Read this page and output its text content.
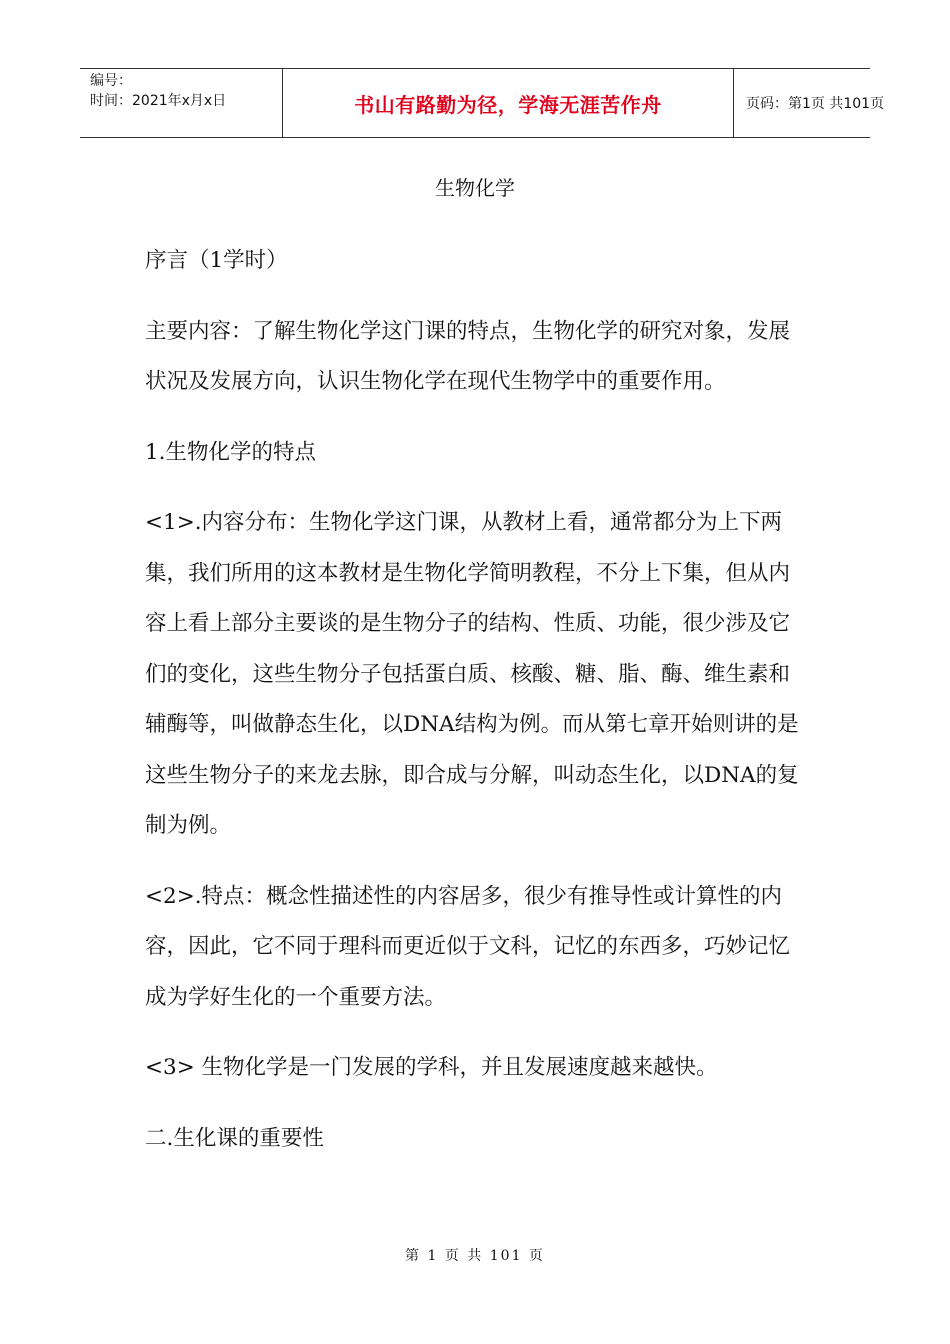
编号：
时间：2021年x月x日	书山有路勤为径，学海无涯苦作舟	页码：第1页 共101页
生物化学

序言（1学时）

主要内容：了解生物化学这门课的特点，生物化学的研究对象，发展状况及发展方向，认识生物化学在现代生物学中的重要作用。

1.生物化学的特点

<1>.内容分布：生物化学这门课，从教材上看，通常都分为上下两集，我们所用的这本教材是生物化学简明教程，不分上下集，但从内容上看上部分主要谈的是生物分子的结构、性质、功能，很少涉及它们的变化，这些生物分子包括蛋白质、核酸、糖、脂、酶、维生素和辅酶等，叫做静态生化，以DNA结构为例。而从第七章开始则讲的是这些生物分子的来龙去脉，即合成与分解，叫动态生化，以DNA的复制为例。

<2>.特点：概念性描述性的内容居多，很少有推导性或计算性的内容，因此，它不同于理科而更近似于文科，记忆的东西多，巧妙记忆成为学好生化的一个重要方法。

<3> 生物化学是一门发展的学科，并且发展速度越来越快。

二.生化课的重要性

第 1 页 共 101 页
